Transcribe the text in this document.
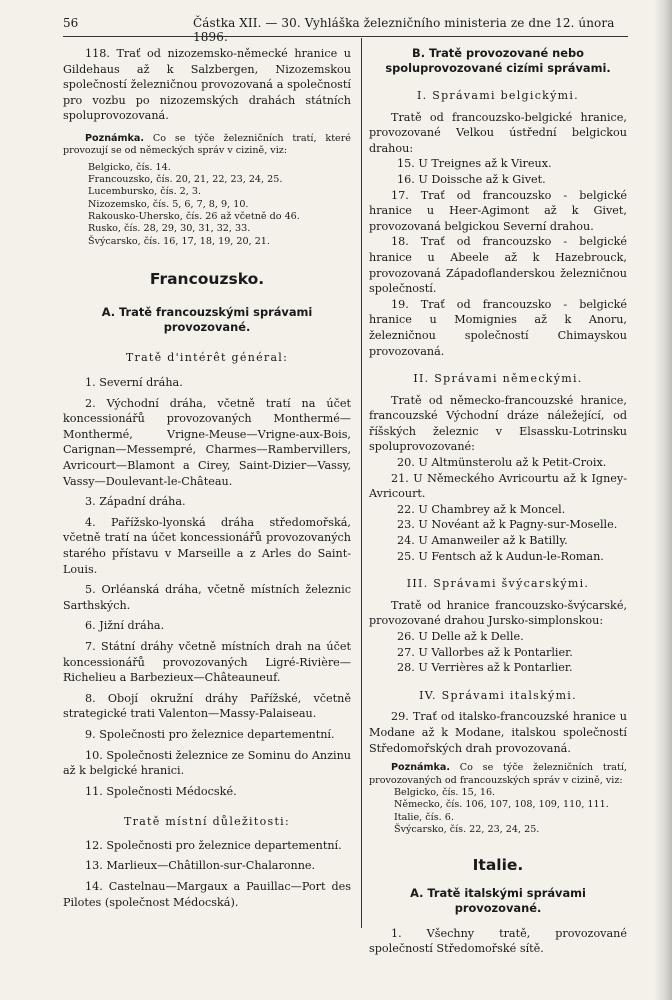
56	Částka XII. — 30. Vyhláška železničního ministeria ze dne 12. února 1896.

118. Trať od nizozemsko-německé hranice u Gildehaus až k Salzbergen, Nizozemskou společností železničnou provozovaná a společností pro vozbu po nizozemských drahách státních spoluprovozovaná.

Poznámka. Co se týče železničních tratí, které provozují se od německých správ v cizině, viz:

Belgicko, čís. 14.
Francouzsko, čís. 20, 21, 22, 23, 24, 25.
Lucembursko, čís. 2, 3.
Nizozemsko, čís. 5, 6, 7, 8, 9, 10.
Rakousko-Uhersko, čís. 26 až včetně do 46.
Rusko, čís. 28, 29, 30, 31, 32, 33.
Švýcarsko, čís. 16, 17, 18, 19, 20, 21.
Francouzsko.
A. Tratě francouzskými správami provozované.
Tratě d'intérêt général:

1. Severní dráha.

2. Východní dráha, včetně tratí na účet koncessionářů provozovaných Monthermé—Monthermé, Vrigne-Meuse—Vrigne-aux-Bois, Carignan—Messempré, Charmes—Rambervillers, Avricourt—Blamont a Cirey, Saint-Dizier—Vassy, Vassy—Doulevant-le-Château.

3. Západní dráha.

4. Pařížsko-lyonská dráha středomořská, včetně tratí na účet koncessionářů provozovaných starého přístavu v Marseille a z Arles do Saint-Louis.

5. Orléanská dráha, včetně místních železnic Sarthských.

6. Jižní dráha.

7. Státní dráhy včetně místních drah na účet koncessionářů provozovaných Ligré-Rivière—Richelieu a Barbezieux—Châteauneuf.

8. Obojí okružní dráhy Pařížské, včetně strategické trati Valenton—Massy-Palaiseau.

9. Společnosti pro železnice departementní.

10. Společnosti železnice ze Sominu do Anzinu až k belgické hranici.

11. Společnosti Médocské.

Tratě místní důležitosti:

12. Společnosti pro železnice departementní.

13. Marlieux—Châtillon-sur-Chalaronne.

14. Castelnau—Margaux a Pauillac—Port des Pilotes (společnost Médocská).

B. Tratě provozované nebo spoluprovozované cizími správami.
I. Správami belgickými.

Tratě od francouzsko-belgické hranice, provozované Velkou ústřední belgickou drahou:

15. U Treignes až k Vireux.
16. U Doissche až k Givet.

17. Trať od francouzsko - belgické hranice u Heer-Agimont až k Givet, provozovaná belgickou Severní drahou.

18. Trať od francouzsko - belgické hranice u Abeele až k Hazebrouck, provozovaná Západoflanderskou železničnou společností.

19. Trať od francouzsko - belgické hranice u Momignies až k Anoru, železničnou společností Chimayskou provozovaná.

II. Správami německými.

Tratě od německo-francouzské hranice, francouzské Východní dráze náležející, od říšských železnic v Elsassku-Lotrinsku spoluprovozované:

20. U Altmünsterolu až k Petit-Croix.

21. U Německého Avricourtu až k Igney-Avricourt.

22. U Chambrey až k Moncel.
23. U Novéant až k Pagny-sur-Moselle.
24. U Amanweiler až k Batilly.
25. U Fentsch až k Audun-le-Roman.
III. Správami švýcarskými.

Tratě od hranice francouzsko-švýcarské, provozované drahou Jursko-simplonskou:

26. U Delle až k Delle.
27. U Vallorbes až k Pontarlier.
28. U Verrières až k Pontarlier.
IV. Správami italskými.

29. Trať od italsko-francouzské hranice u Modane až k Modane, italskou společností Středomořských drah provozovaná.

Poznámka. Co se týče železničních tratí, provozovaných od francouzských správ v cizině, viz:

Belgicko, čís. 15, 16.
Německo, čís. 106, 107, 108, 109, 110, 111.
Italie, čís. 6.
Švýcarsko, čís. 22, 23, 24, 25.
Italie.
A. Tratě italskými správami provozované.

1. Všechny tratě, provozované společností Středomořské sítě.
